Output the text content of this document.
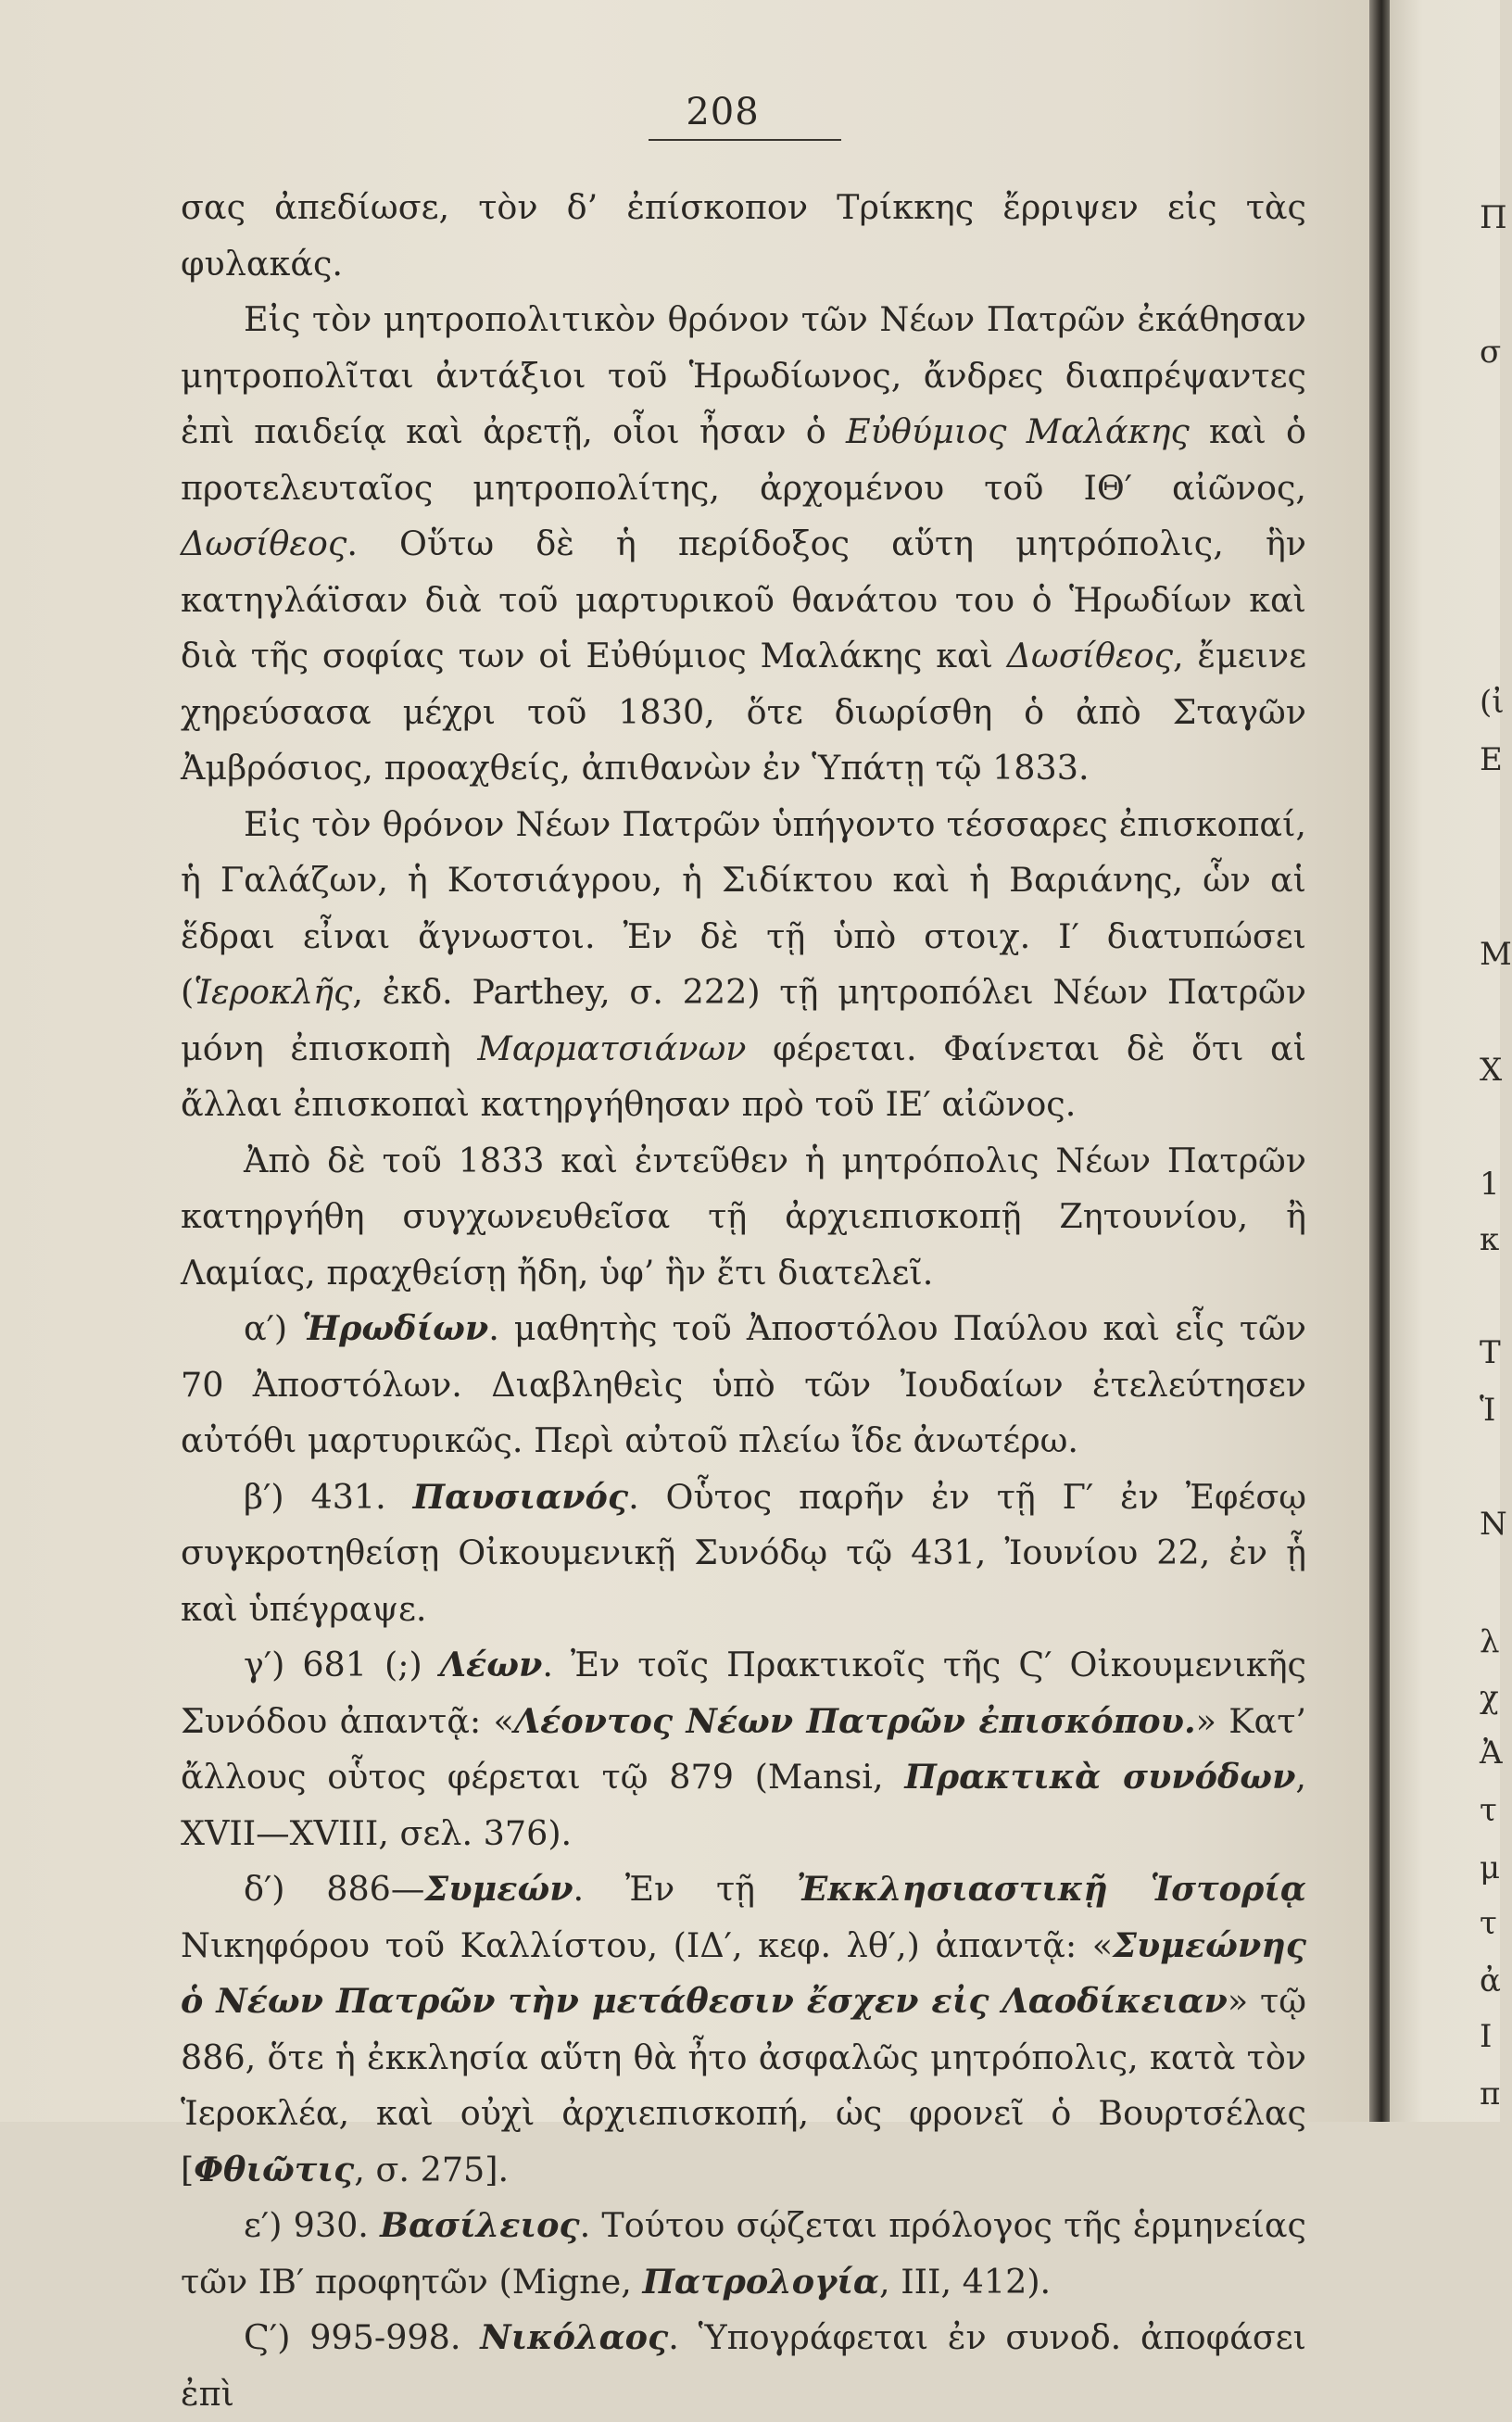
208

σας ἀπεδίωσε, τὸν δ’ ἐπίσκοπον Τρίκκης ἔρριψεν εἰς τὰς φυλακάς.

Εἰς τὸν μητροπολιτικὸν θρόνον τῶν Νέων Πατρῶν ἐκάθησαν μητροπολῖται ἀντάξιοι τοῦ Ἡρωδίωνος, ἄνδρες διαπρέψαντες ἐπὶ παιδείᾳ καὶ ἀρετῇ, οἷοι ἦσαν ὁ Εὐθύμιος Μαλάκης καὶ ὁ προτελευταῖος μητροπολίτης, ἀρχομένου τοῦ ΙΘ′ αἰῶνος, Δωσίθεος. Οὕτω δὲ ἡ περίδοξος αὕτη μητρόπολις, ἣν κατηγλάϊσαν διὰ τοῦ μαρτυρικοῦ θανάτου του ὁ Ἡρωδίων καὶ διὰ τῆς σοφίας των οἱ Εὐθύμιος Μαλάκης καὶ Δωσίθεος, ἔμεινε χηρεύσασα μέχρι τοῦ 1830, ὅτε διωρίσθη ὁ ἀπὸ Σταγῶν Ἀμβρόσιος, προαχθείς, ἀπιθανὼν ἐν Ὑπάτῃ τῷ 1833.

Εἰς τὸν θρόνον Νέων Πατρῶν ὑπήγοντο τέσσαρες ἐπισκοπαί, ἡ Γαλάζων, ἡ Κοτσιάγρου, ἡ Σιδίκτου καὶ ἡ Βαριάνης, ὧν αἱ ἕδραι εἶναι ἄγνωστοι. Ἐν δὲ τῇ ὑπὸ στοιχ. Ι′ διατυπώσει (Ἱεροκλῆς, ἐκδ. Parthey, σ. 222) τῇ μητροπόλει Νέων Πατρῶν μόνη ἐπισκοπὴ Μαρματσιάνων φέρεται. Φαίνεται δὲ ὅτι αἱ ἄλλαι ἐπισκοπαὶ κατηργήθησαν πρὸ τοῦ ΙΕ′ αἰῶνος.

Ἀπὸ δὲ τοῦ 1833 καὶ ἐντεῦθεν ἡ μητρόπολις Νέων Πατρῶν κατηργήθη συγχωνευθεῖσα τῇ ἀρχιεπισκοπῇ Ζητουνίου, ἢ Λαμίας, πραχθείσῃ ἤδη, ὑφ’ ἣν ἔτι διατελεῖ.

α′) Ἡρωδίων. μαθητὴς τοῦ Ἀποστόλου Παύλου καὶ εἷς τῶν 70 Ἀποστόλων. Διαβληθεὶς ὑπὸ τῶν Ἰουδαίων ἐτελεύτησεν αὐτόθι μαρτυρικῶς. Περὶ αὐτοῦ πλείω ἴδε ἀνωτέρω.

β′) 431. Παυσιανός. Οὗτος παρῆν ἐν τῇ Γ′ ἐν Ἐφέσῳ συγκροτηθείσῃ Οἰκουμενικῇ Συνόδῳ τῷ 431, Ἰουνίου 22, ἐν ᾗ καὶ ὑπέγραψε.

γ′) 681 (;) Λέων. Ἐν τοῖς Πρακτικοῖς τῆς Ϛ′ Οἰκουμενικῆς Συνόδου ἀπαντᾷ: «Λέοντος Νέων Πατρῶν ἐπισκόπου.» Κατ’ ἄλλους οὗτος φέρεται τῷ 879 (Mansi, Πρακτικὰ συνόδων, XVII—XVIII, σελ. 376).

δ′) 886—Συμεών. Ἐν τῇ Ἐκκλησιαστικῇ Ἱστορίᾳ Νικηφόρου τοῦ Καλλίστου, (ΙΔ′, κεφ. λθ′,) ἀπαντᾷ: «Συμεώνης ὁ Νέων Πατρῶν τὴν μετάθεσιν ἔσχεν εἰς Λαοδίκειαν» τῷ 886, ὅτε ἡ ἐκκλησία αὕτη θὰ ἦτο ἀσφαλῶς μητρόπολις, κατὰ τὸν Ἱεροκλέα, καὶ οὐχὶ ἀρχιεπισκοπή, ὡς φρονεῖ ὁ Βουρτσέλας [Φθιῶτις, σ. 275].

ε′) 930. Βασίλειος. Τούτου σῴζεται πρόλογος τῆς ἑρμηνείας τῶν ΙΒ′ προφητῶν (Migne, Πατρολογία, III, 412).

Ϛ′) 995-998. Νικόλαος. Ὑπογράφεται ἐν συνοδ. ἀποφάσει ἐπὶ

Π
σ
(ἰ
Ε
Μ
Χ
1
κ
Τ
Ἱ
Ν
λ
χ
Ἀ
τ
μ
τ
ἀ
Ι
π
